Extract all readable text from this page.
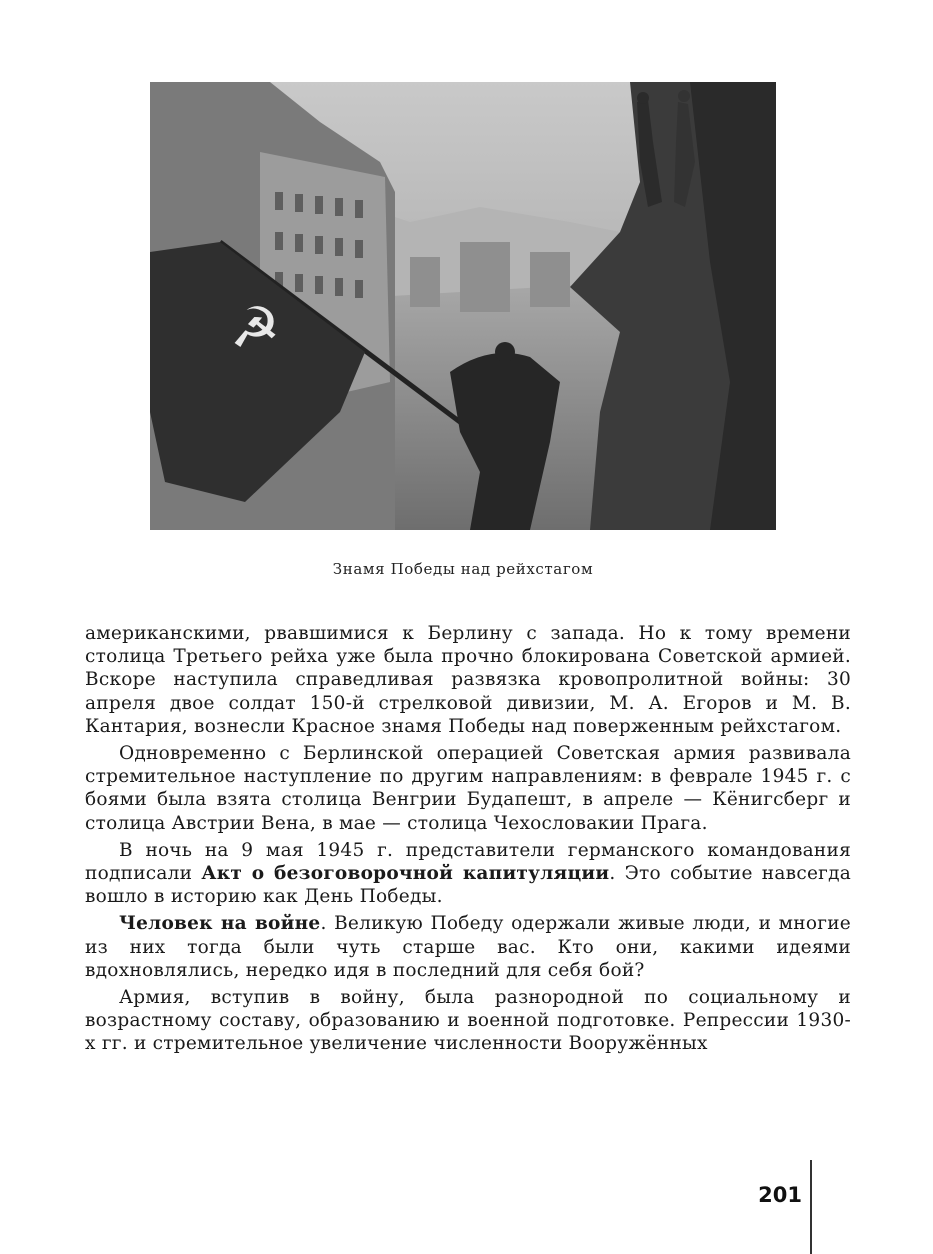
☭
Знамя Победы над рейхстагом

американскими, рвавшимися к Берлину с запада. Но к тому времени столица Третьего рейха уже была прочно блокирована Советской армией. Вскоре наступила справедливая развязка кровопролитной войны: 30 апреля двое солдат 150-й стрелковой дивизии, М. А. Егоров и М. В. Кантария, вознесли Красное знамя Победы над поверженным рейхстагом.

Одновременно с Берлинской операцией Советская армия развивала стремительное наступление по другим направлениям: в феврале 1945 г. с боями была взята столица Венгрии Будапешт, в апреле — Кёнигсберг и столица Австрии Вена, в мае — столица Чехословакии Прага.

В ночь на 9 мая 1945 г. представители германского командования подписали Акт о безоговорочной капитуляции. Это событие навсегда вошло в историю как День Победы.

Человек на войне. Великую Победу одержали живые люди, и многие из них тогда были чуть старше вас. Кто они, какими идеями вдохновлялись, нередко идя в последний для себя бой?

Армия, вступив в войну, была разнородной по социальному и возрастному составу, образованию и военной подготовке. Репрессии 1930-х гг. и стремительное увеличение численности Вооружённых

201
